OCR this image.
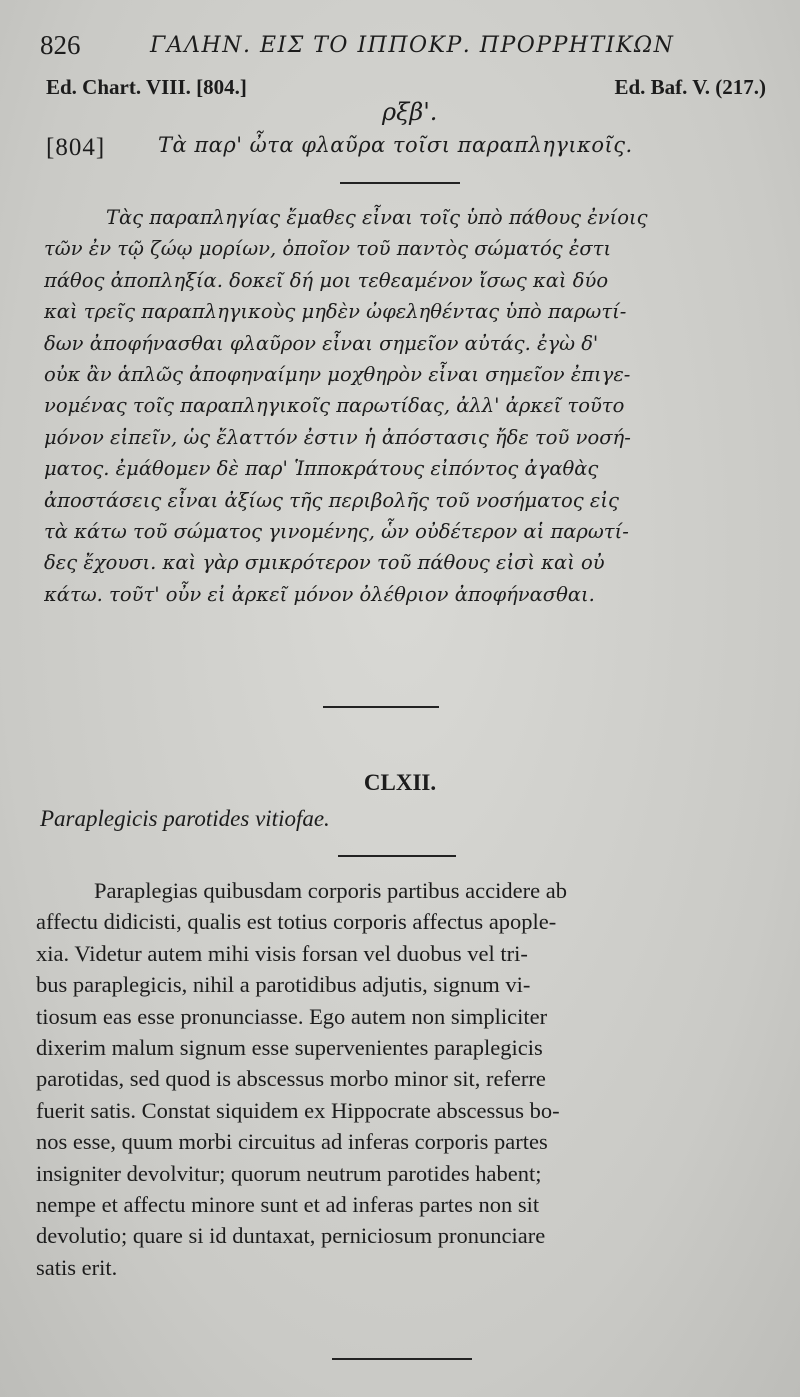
826	ΓΑΛΗΝ. ΕΙΣ ΤΟ ΙΠΠΟΚΡ. ΠΡΟΡΡΗΤΙΚΩΝ
Ed. Chart. VIII. [804.]	Ed. Baf. V. (217.)
ρξβ'.
[804]	Τὰ παρ' ὦτα φλαῦρα τοῖσι παραπληγικοῖς.
Τὰς παραπληγίας ἔμαθες εἶναι τοῖς ὑπὸ πάθους ἐνίοις
τῶν ἐν τῷ ζώῳ μορίων, ὁποῖον τοῦ παντὸς σώματός ἐστι
πάθος ἀποπληξία. δοκεῖ δή μοι τεθεαμένον ἴσως καὶ δύο
καὶ τρεῖς παραπληγικοὺς μηδὲν ὠφεληθέντας ὑπὸ παρωτί-
δων ἀποφήνασθαι φλαῦρον εἶναι σημεῖον αὐτάς. ἐγὼ δ'
οὐκ ἂν ἁπλῶς ἀποφηναίμην μοχθηρὸν εἶναι σημεῖον ἐπιγε-
νομένας τοῖς παραπληγικοῖς παρωτίδας, ἀλλ' ἀρκεῖ τοῦτο
μόνον εἰπεῖν, ὡς ἔλαττόν ἐστιν ἡ ἀπόστασις ἤδε τοῦ νοσή-
ματος. ἐμάθομεν δὲ παρ' Ἱπποκράτους εἰπόντος ἀγαθὰς
ἀποστάσεις εἶναι ἀξίως τῆς περιβολῆς τοῦ νοσήματος εἰς
τὰ κάτω τοῦ σώματος γινομένης, ὧν οὐδέτερον αἱ παρωτί-
δες ἔχουσι. καὶ γὰρ σμικρότερον τοῦ πάθους εἰσὶ καὶ οὐ
κάτω. τοῦτ' οὖν εἰ ἀρκεῖ μόνον ὀλέθριον ἀποφήνασθαι.
CLXII.
Paraplegicis parotides vitiofae.
Paraplegias quibusdam corporis partibus accidere ab
affectu didicisti, qualis est totius corporis affectus apople-
xia. Videtur autem mihi visis forsan vel duobus vel tri-
bus paraplegicis, nihil a parotidibus adjutis, signum vi-
tiosum eas esse pronunciasse. Ego autem non simpliciter
dixerim malum signum esse supervenientes paraplegicis
parotidas, sed quod is abscessus morbo minor sit, referre
fuerit satis. Constat siquidem ex Hippocrate abscessus bo-
nos esse, quum morbi circuitus ad inferas corporis partes
insigniter devolvitur; quorum neutrum parotides habent;
nempe et affectu minore sunt et ad inferas partes non sit
devolutio; quare si id duntaxat, perniciosum pronunciare
satis erit.
